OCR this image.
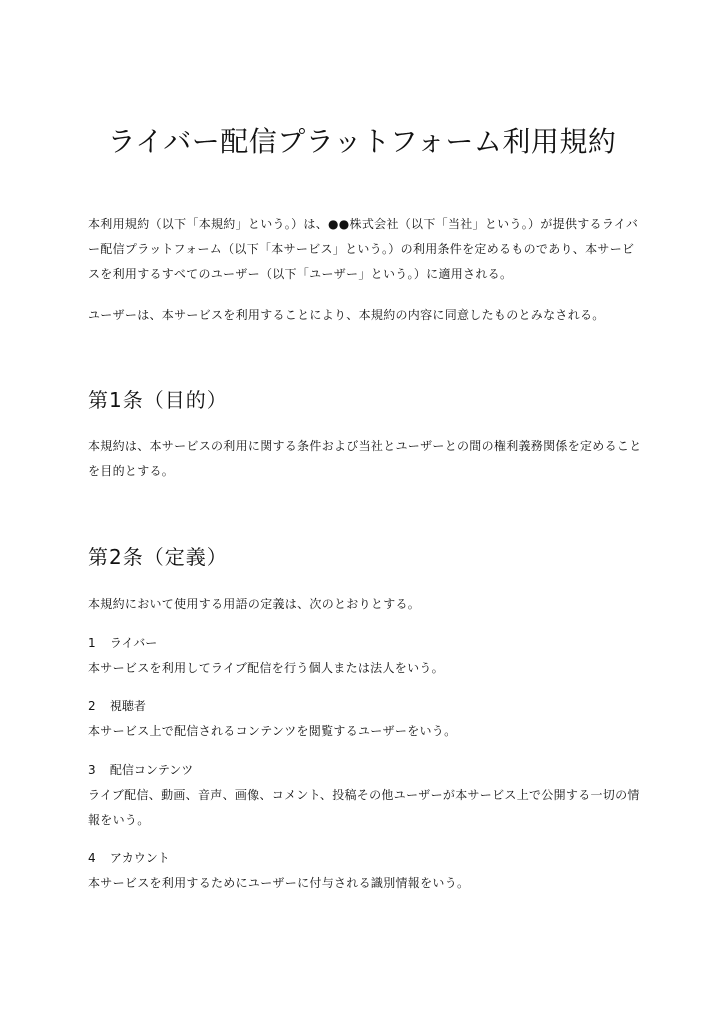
ライバー配信プラットフォーム利用規約

本利用規約（以下「本規約」という。）は、●●株式会社（以下「当社」という。）が提供するライバー配信プラットフォーム（以下「本サービス」という。）の利用条件を定めるものであり、本サービスを利用するすべてのユーザー（以下「ユーザー」という。）に適用される。

ユーザーは、本サービスを利用することにより、本規約の内容に同意したものとみなされる。

第1条（目的）

本規約は、本サービスの利用に関する条件および当社とユーザーとの間の権利義務関係を定めることを目的とする。

第2条（定義）

本規約において使用する用語の定義は、次のとおりとする。

1 ライバー

本サービスを利用してライブ配信を行う個人または法人をいう。

2 視聴者

本サービス上で配信されるコンテンツを閲覧するユーザーをいう。

3 配信コンテンツ

ライブ配信、動画、音声、画像、コメント、投稿その他ユーザーが本サービス上で公開する一切の情報をいう。

4 アカウント

本サービスを利用するためにユーザーに付与される識別情報をいう。
